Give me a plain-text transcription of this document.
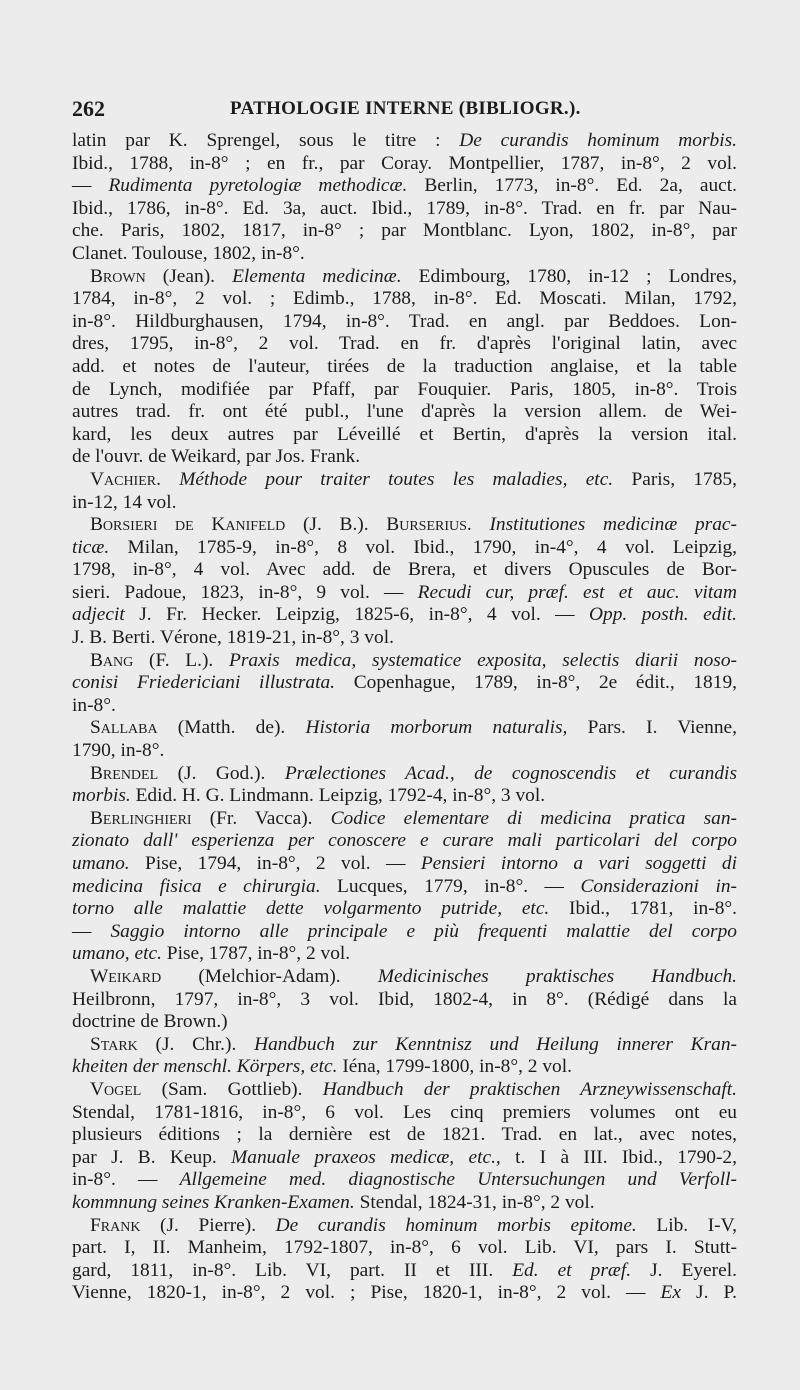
262	PATHOLOGIE INTERNE (BIBLIOGR.).
latin par K. Sprengel, sous le titre : De curandis hominum morbis.
Ibid., 1788, in-8° ; en fr., par Coray. Montpellier, 1787, in-8°, 2 vol.
— Rudimenta pyretologiæ methodicæ. Berlin, 1773, in-8°. Ed. 2a, auct.
Ibid., 1786, in-8°. Ed. 3a, auct. Ibid., 1789, in-8°. Trad. en fr. par Nau-
che. Paris, 1802, 1817, in-8° ; par Montblanc. Lyon, 1802, in-8°, par
Clanet. Toulouse, 1802, in-8°.
Brown (Jean). Elementa medicinæ. Edimbourg, 1780, in-12 ; Londres,
1784, in-8°, 2 vol. ; Edimb., 1788, in-8°. Ed. Moscati. Milan, 1792,
in-8°. Hildburghausen, 1794, in-8°. Trad. en angl. par Beddoes. Lon-
dres, 1795, in-8°, 2 vol. Trad. en fr. d'après l'original latin, avec
add. et notes de l'auteur, tirées de la traduction anglaise, et la table
de Lynch, modifiée par Pfaff, par Fouquier. Paris, 1805, in-8°. Trois
autres trad. fr. ont été publ., l'une d'après la version allem. de Wei-
kard, les deux autres par Léveillé et Bertin, d'après la version ital.
de l'ouvr. de Weikard, par Jos. Frank.
Vachier. Méthode pour traiter toutes les maladies, etc. Paris, 1785,
in-12, 14 vol.
Borsieri de Kanifeld (J. B.). Burserius. Institutiones medicinæ prac-
ticæ. Milan, 1785-9, in-8°, 8 vol. Ibid., 1790, in-4°, 4 vol. Leipzig,
1798, in-8°, 4 vol. Avec add. de Brera, et divers Opuscules de Bor-
sieri. Padoue, 1823, in-8°, 9 vol. — Recudi cur, præf. est et auc. vitam
adjecit J. Fr. Hecker. Leipzig, 1825-6, in-8°, 4 vol. — Opp. posth. edit.
J. B. Berti. Vérone, 1819-21, in-8°, 3 vol.
Bang (F. L.). Praxis medica, systematice exposita, selectis diarii noso-
conisi Friedericiani illustrata. Copenhague, 1789, in-8°, 2e édit., 1819,
in-8°.
Sallaba (Matth. de). Historia morborum naturalis, Pars. I. Vienne,
1790, in-8°.
Brendel (J. God.). Prælectiones Acad., de cognoscendis et curandis
morbis. Edid. H. G. Lindmann. Leipzig, 1792-4, in-8°, 3 vol.
Berlinghieri (Fr. Vacca). Codice elementare di medicina pratica san-
zionato dall' esperienza per conoscere e curare mali particolari del corpo
umano. Pise, 1794, in-8°, 2 vol. — Pensieri intorno a vari soggetti di
medicina fisica e chirurgia. Lucques, 1779, in-8°. — Considerazioni in-
torno alle malattie dette volgarmento putride, etc. Ibid., 1781, in-8°.
— Saggio intorno alle principale e più frequenti malattie del corpo
umano, etc. Pise, 1787, in-8°, 2 vol.
Weikard (Melchior-Adam). Medicinisches praktisches Handbuch.
Heilbronn, 1797, in-8°, 3 vol. Ibid, 1802-4, in 8°. (Rédigé dans la
doctrine de Brown.)
Stark (J. Chr.). Handbuch zur Kenntnisz und Heilung innerer Kran-
kheiten der menschl. Körpers, etc. Iéna, 1799-1800, in-8°, 2 vol.
Vogel (Sam. Gottlieb). Handbuch der praktischen Arzneywissenschaft.
Stendal, 1781-1816, in-8°, 6 vol. Les cinq premiers volumes ont eu
plusieurs éditions ; la dernière est de 1821. Trad. en lat., avec notes,
par J. B. Keup. Manuale praxeos medicæ, etc., t. I à III. Ibid., 1790-2,
in-8°. — Allgemeine med. diagnostische Untersuchungen und Verfoll-
kommnung seines Kranken-Examen. Stendal, 1824-31, in-8°, 2 vol.
Frank (J. Pierre). De curandis hominum morbis epitome. Lib. I-V,
part. I, II. Manheim, 1792-1807, in-8°, 6 vol. Lib. VI, pars I. Stutt-
gard, 1811, in-8°. Lib. VI, part. II et III. Ed. et præf. J. Eyerel.
Vienne, 1820-1, in-8°, 2 vol. ; Pise, 1820-1, in-8°, 2 vol. — Ex J. P.
